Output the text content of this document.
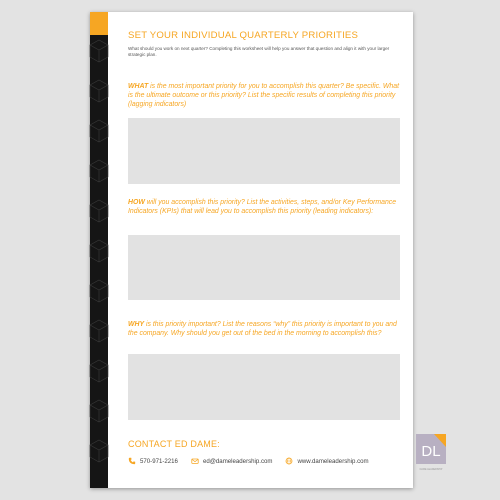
SET YOUR INDIVIDUAL QUARTERLY PRIORITIES
What should you work on next quarter? Completing this worksheet will help you answer that question and align it with your larger strategic plan.
WHAT is the most important priority for you to accomplish this quarter? Be specific. What is the ultimate outcome or this priority? List the specific results of completing this priority (lagging indicators)
HOW will you accomplish this priority? List the activities, steps, and/or Key Performance Indicators (KPIs) that will lead you to accomplish this priority (leading indicators):
WHY is this priority important? List the reasons “why” this priority is important to you and the company. Why should you get out of the bed in the morning to accomplish this?
CONTACT ED DAME:
570-971-2216	ed@dameleadership.com	www.dameleadership.com
DL
DAME LEADERSHIP
